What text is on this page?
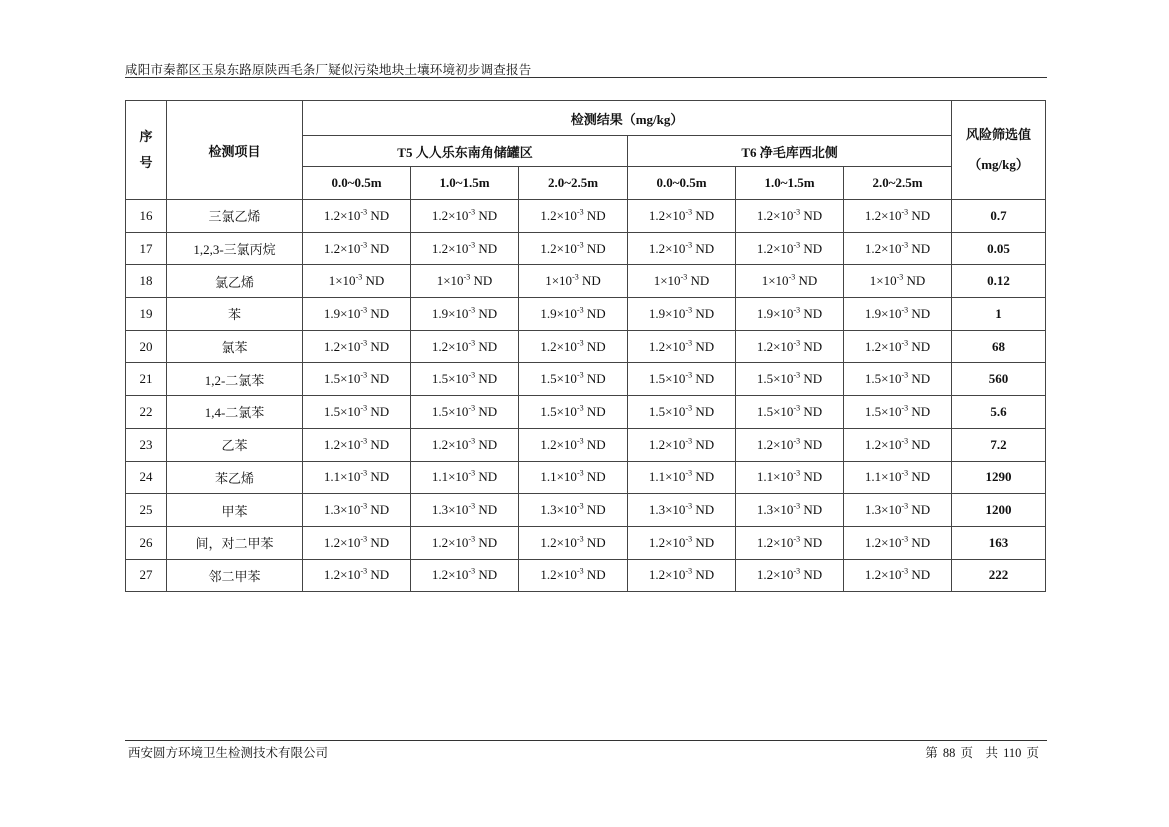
咸阳市秦都区玉泉东路原陕西毛条厂疑似污染地块土壤环境初步调查报告
序
号	检测项目	检测结果（mg/kg）						风险筛选值
（mg/kg）

		T5 人人乐东南角储罐区			T6 净毛库西北侧			
		0.0~0.5m	1.0~1.5m	2.0~2.5m	0.0~0.5m	1.0~1.5m	2.0~2.5m	
16	三氯乙烯	$1.2\times 10^{-3}$ ND	$1.2\times 10^{-3}$ ND	$1.2\times 10^{-3}$ ND	$1.2\times 10^{-3}$ ND	$1.2\times 10^{-3}$ ND	$1.2\times 10^{-3}$ ND	0.7
17	1,2,3-三氯丙烷	$1.2\times 10^{-3}$ ND	$1.2\times 10^{-3}$ ND	$1.2\times 10^{-3}$ ND	$1.2\times 10^{-3}$ ND	$1.2\times 10^{-3}$ ND	$1.2\times 10^{-3}$ ND	0.05
18	氯乙烯	$1\times 10^{-3}$ ND	$1\times 10^{-3}$ ND	$1\times 10^{-3}$ ND	$1\times 10^{-3}$ ND	$1\times 10^{-3}$ ND	$1\times 10^{-3}$ ND	0.12
19	苯	$1.9\times 10^{-3}$ ND	$1.9\times 10^{-3}$ ND	$1.9\times 10^{-3}$ ND	$1.9\times 10^{-3}$ ND	$1.9\times 10^{-3}$ ND	$1.9\times 10^{-3}$ ND	1
20	氯苯	$1.2\times 10^{-3}$ ND	$1.2\times 10^{-3}$ ND	$1.2\times 10^{-3}$ ND	$1.2\times 10^{-3}$ ND	$1.2\times 10^{-3}$ ND	$1.2\times 10^{-3}$ ND	68
21	1,2-二氯苯	$1.5\times 10^{-3}$ ND	$1.5\times 10^{-3}$ ND	$1.5\times 10^{-3}$ ND	$1.5\times 10^{-3}$ ND	$1.5\times 10^{-3}$ ND	$1.5\times 10^{-3}$ ND	560
22	1,4-二氯苯	$1.5\times 10^{-3}$ ND	$1.5\times 10^{-3}$ ND	$1.5\times 10^{-3}$ ND	$1.5\times 10^{-3}$ ND	$1.5\times 10^{-3}$ ND	$1.5\times 10^{-3}$ ND	5.6
23	乙苯	$1.2\times 10^{-3}$ ND	$1.2\times 10^{-3}$ ND	$1.2\times 10^{-3}$ ND	$1.2\times 10^{-3}$ ND	$1.2\times 10^{-3}$ ND	$1.2\times 10^{-3}$ ND	7.2
24	苯乙烯	$1.1\times 10^{-3}$ ND	$1.1\times 10^{-3}$ ND	$1.1\times 10^{-3}$ ND	$1.1\times 10^{-3}$ ND	$1.1\times 10^{-3}$ ND	$1.1\times 10^{-3}$ ND	1290
25	甲苯	$1.3\times 10^{-3}$ ND	$1.3\times 10^{-3}$ ND	$1.3\times 10^{-3}$ ND	$1.3\times 10^{-3}$ ND	$1.3\times 10^{-3}$ ND	$1.3\times 10^{-3}$ ND	1200
26	间，对二甲苯	$1.2\times 10^{-3}$ ND	$1.2\times 10^{-3}$ ND	$1.2\times 10^{-3}$ ND	$1.2\times 10^{-3}$ ND	$1.2\times 10^{-3}$ ND	$1.2\times 10^{-3}$ ND	163
27	邻二甲苯	$1.2\times 10^{-3}$ ND	$1.2\times 10^{-3}$ ND	$1.2\times 10^{-3}$ ND	$1.2\times 10^{-3}$ ND	$1.2\times 10^{-3}$ ND	$1.2\times 10^{-3}$ ND	222
西安圆方环境卫生检测技术有限公司	第 88 页　共 110 页
